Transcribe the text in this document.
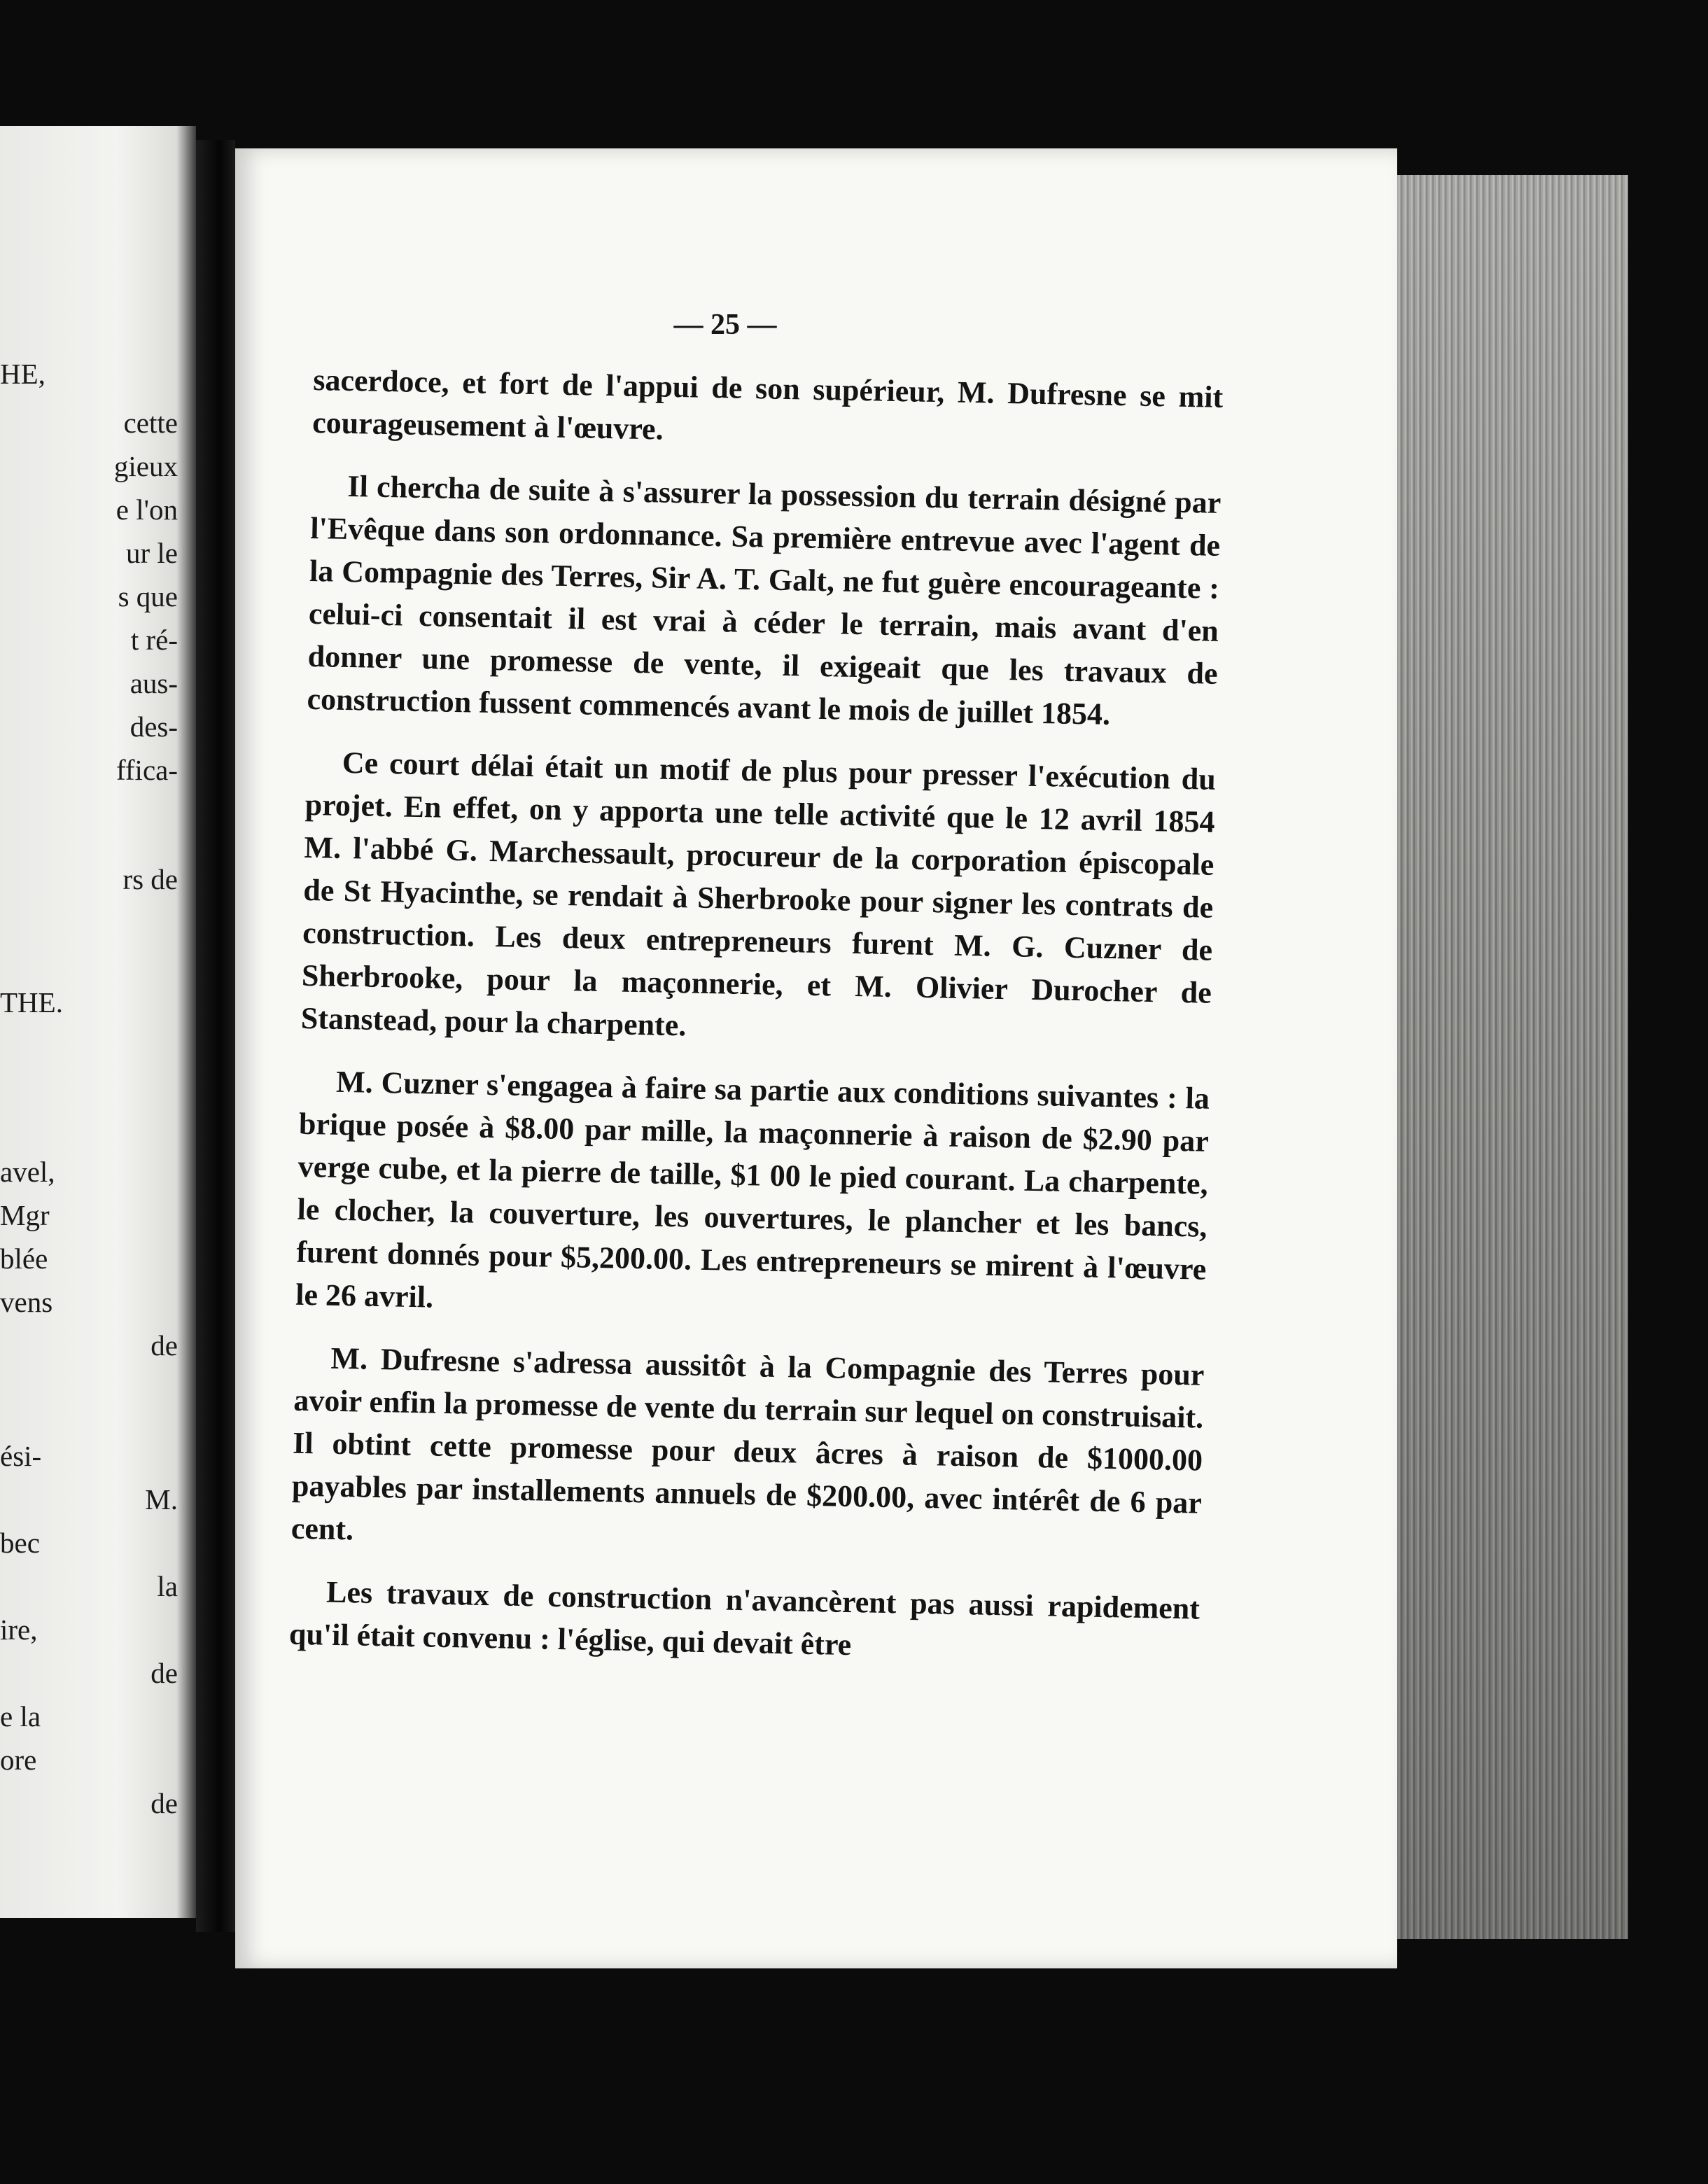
HE,
cette
gieux
e l'on
ur le
s que
t ré-
aus-
des-
ffica-
rs de
THE.
avel,
Mgr
blée
vens
de
ési-
M.
bec
la
ire,
de
e la
ore
de
— 25 —

sacerdoce, et fort de l'appui de son supérieur, M. Dufresne se mit courageusement à l'œuvre.

Il chercha de suite à s'assurer la possession du terrain désigné par l'Evêque dans son ordonnance. Sa première entrevue avec l'agent de la Compagnie des Terres, Sir A. T. Galt, ne fut guère encourageante : celui-ci consentait il est vrai à céder le terrain, mais avant d'en donner une promesse de vente, il exigeait que les travaux de construction fussent commencés avant le mois de juillet 1854.

Ce court délai était un motif de plus pour presser l'exécution du projet. En effet, on y apporta une telle activité que le 12 avril 1854 M. l'abbé G. Marchessault, procureur de la corporation épiscopale de St Hyacinthe, se rendait à Sherbrooke pour signer les contrats de construction. Les deux entrepreneurs furent M. G. Cuzner de Sherbrooke, pour la maçonnerie, et M. Olivier Durocher de Stanstead, pour la charpente.

M. Cuzner s'engagea à faire sa partie aux conditions suivantes : la brique posée à $8.00 par mille, la maçonnerie à raison de $2.90 par verge cube, et la pierre de taille, $1 00 le pied courant. La charpente, le clocher, la couverture, les ouvertures, le plancher et les bancs, furent donnés pour $5,200.00. Les entrepreneurs se mirent à l'œuvre le 26 avril.

M. Dufresne s'adressa aussitôt à la Compagnie des Terres pour avoir enfin la promesse de vente du terrain sur lequel on construisait. Il obtint cette promesse pour deux âcres à raison de $1000.00 payables par installements annuels de $200.00, avec intérêt de 6 par cent.

Les travaux de construction n'avancèrent pas aussi rapidement qu'il était convenu : l'église, qui devait être
